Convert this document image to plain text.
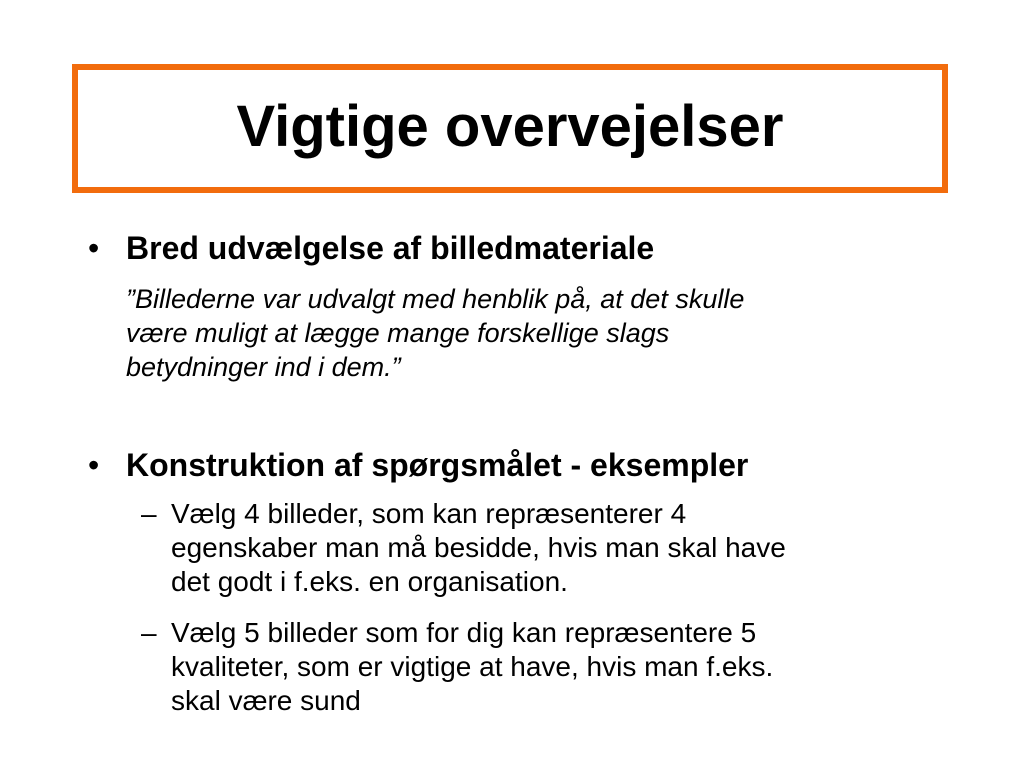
Vigtige overvejelser
• Bred udvælgelse af billedmateriale
”Billederne var udvalgt med henblik på, at det skulle
være muligt at lægge mange forskellige slags
betydninger ind i dem.”
• Konstruktion af spørgsmålet - eksempler
– Vælg 4 billeder, som kan repræsenterer 4
egenskaber man må besidde, hvis man skal have
det godt i f.eks. en organisation.
– Vælg 5 billeder som for dig kan repræsentere 5
kvaliteter, som er vigtige at have, hvis man f.eks.
skal være sund
